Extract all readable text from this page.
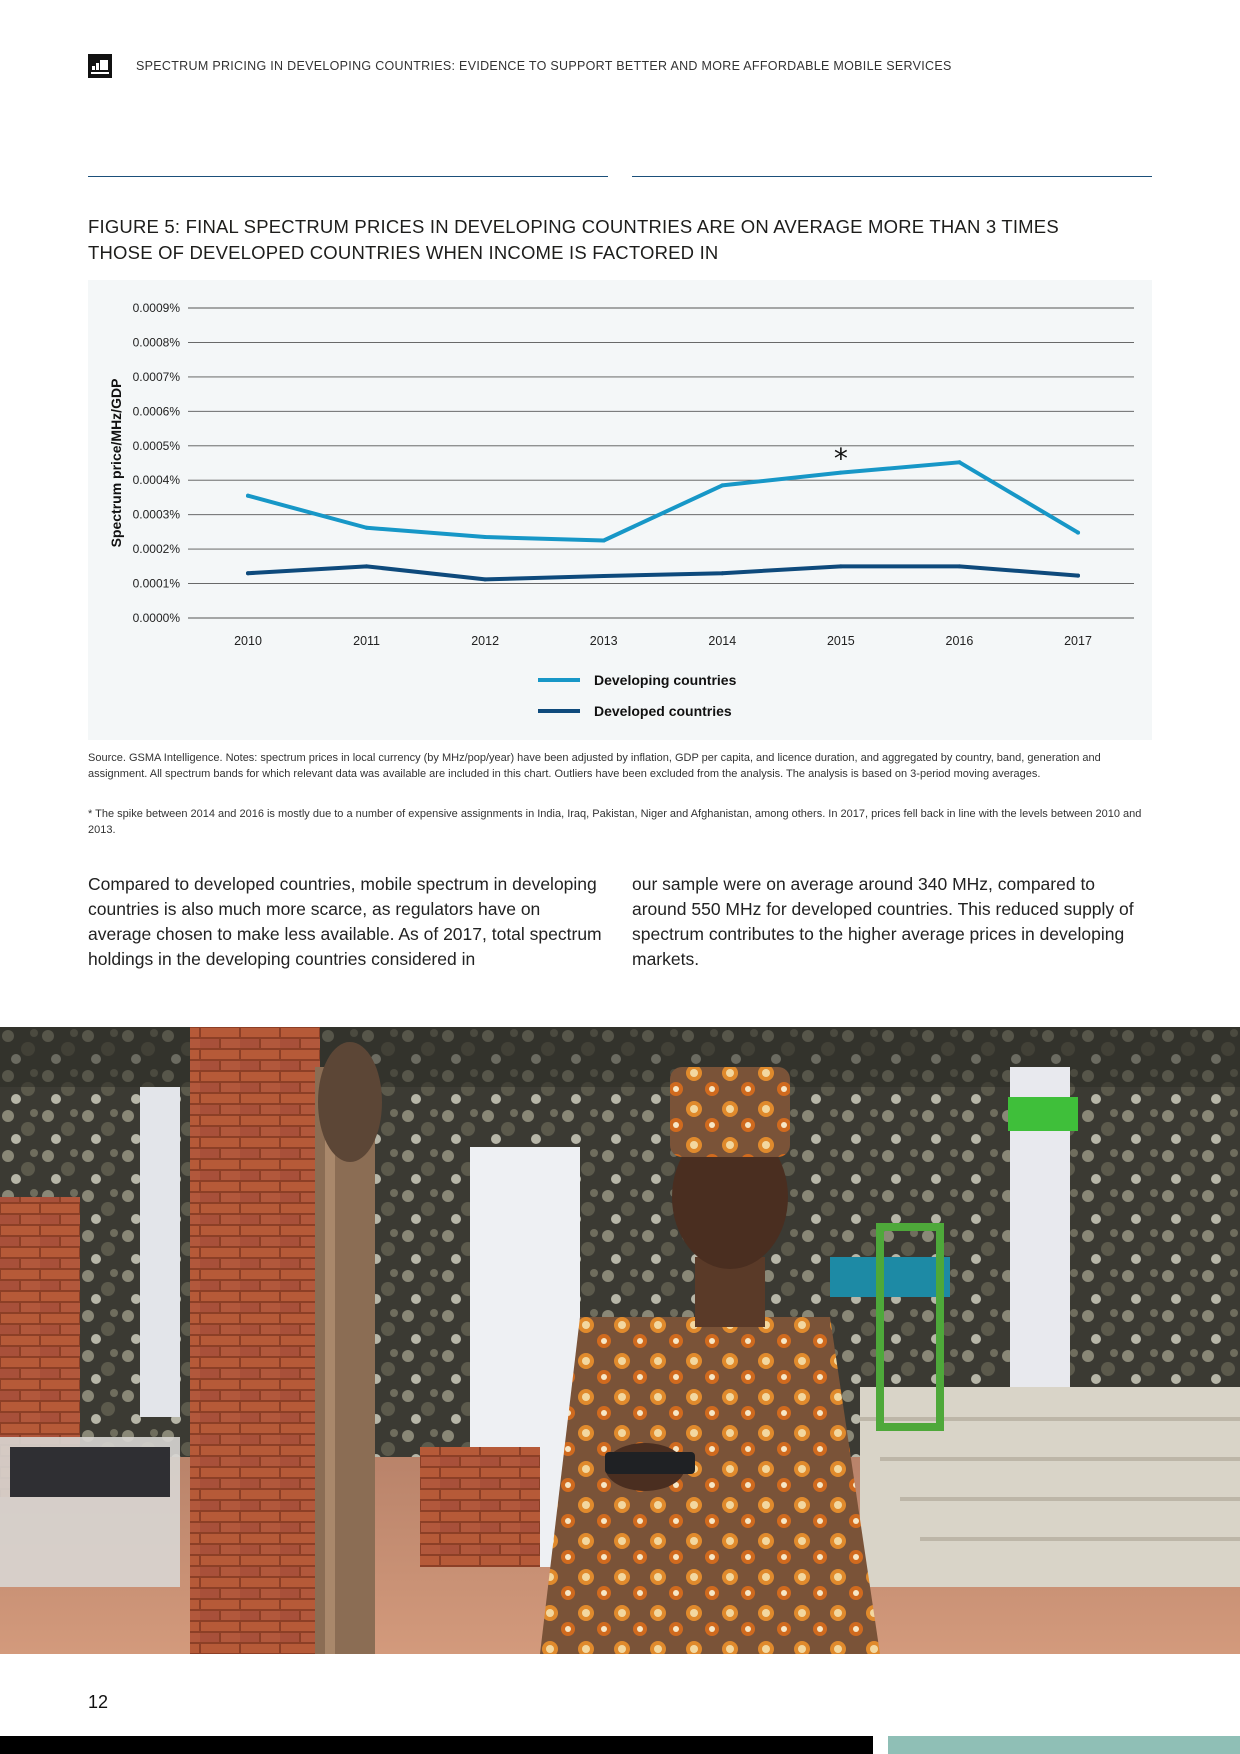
SPECTRUM PRICING IN DEVELOPING COUNTRIES: EVIDENCE TO SUPPORT BETTER AND MORE AFFORDABLE MOBILE SERVICES
FIGURE 5: FINAL SPECTRUM PRICES IN DEVELOPING COUNTRIES ARE ON AVERAGE MORE THAN 3 TIMES
THOSE OF DEVELOPED COUNTRIES WHEN INCOME IS FACTORED IN
0.0000%
0.0001%
0.0002%
0.0003%
0.0004%
0.0005%
0.0006%
0.0007%
0.0008%
0.0009%
2010	2011	2012	2013	2014	2015	2016	2017
*
Spectrum price/MHz/GDP
Developing countries
Developed countries
Source. GSMA Intelligence. Notes: spectrum prices in local currency (by MHz/pop/year) have been adjusted by inflation, GDP per capita, and licence duration, and aggregated by country, band, generation and assignment. All spectrum bands for which relevant data was available are included in this chart. Outliers have been excluded from the analysis. The analysis is based on 3-period moving averages.
* The spike between 2014 and 2016 is mostly due to a number of expensive assignments in India, Iraq, Pakistan, Niger and Afghanistan, among others. In 2017, prices fell back in line with the levels between 2010 and 2013.
Compared to developed countries, mobile spectrum in developing countries is also much more scarce, as regulators have on average chosen to make less available. As of 2017, total spectrum holdings in the developing countries considered in
our sample were on average around 340 MHz, compared to around 550 MHz for developed countries. This reduced supply of spectrum contributes to the higher average prices in developing markets.
12
